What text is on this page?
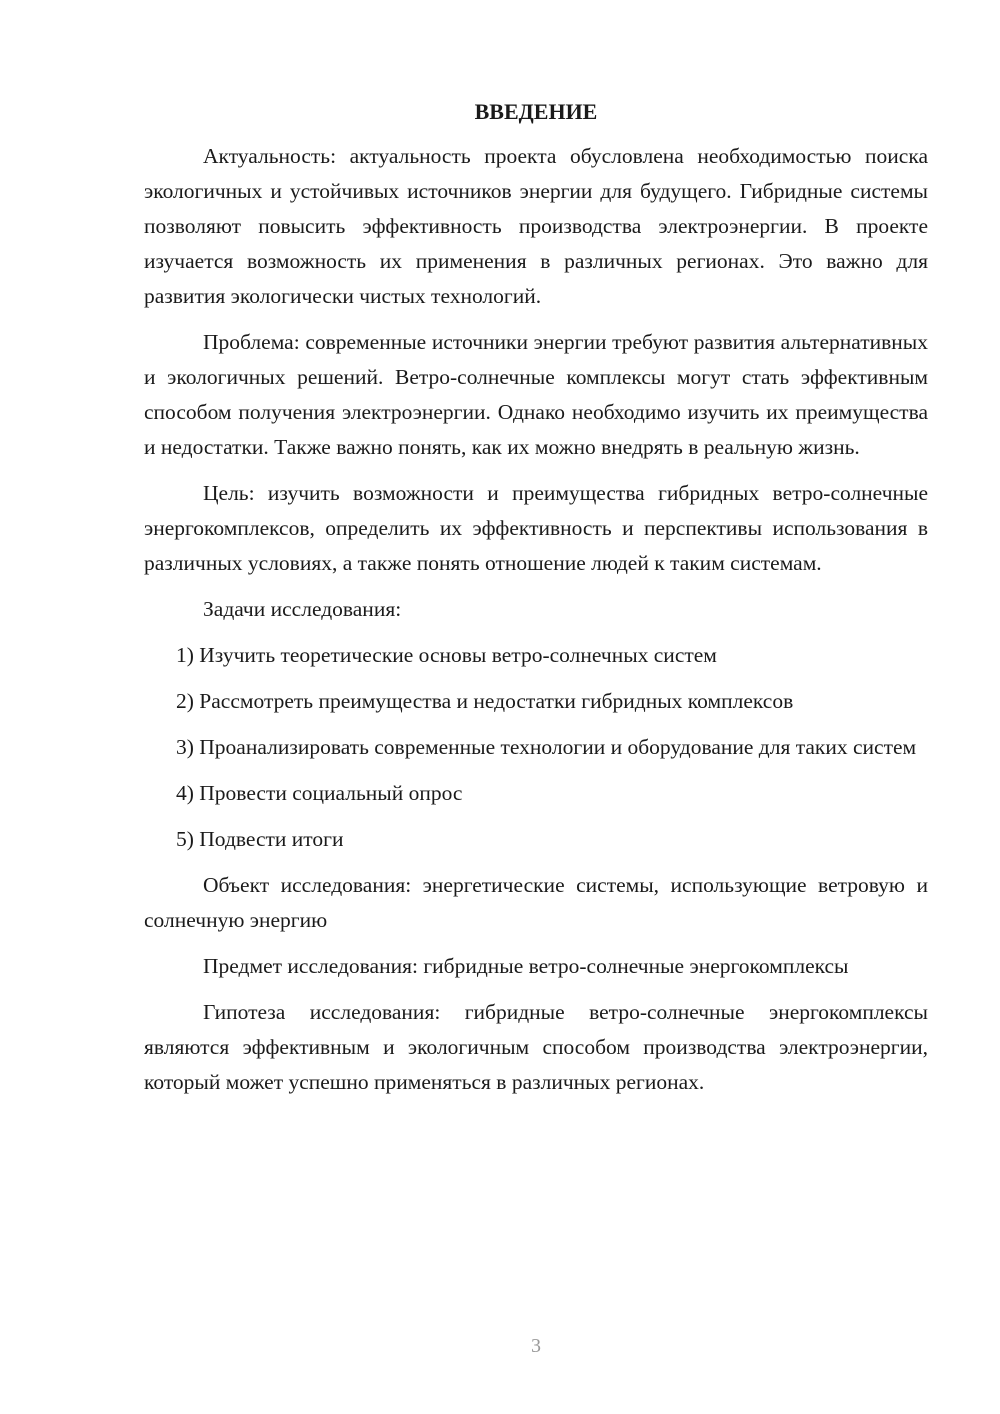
ВВЕДЕНИЕ

Актуальность: актуальность проекта обусловлена необходимостью поиска экологичных и устойчивых источников энергии для будущего. Гибридные системы позволяют повысить эффективность производства электроэнергии. В проекте изучается возможность их применения в различных регионах. Это важно для развития экологически чистых технологий.

Проблема: современные источники энергии требуют развития альтернативных и экологичных решений. Ветро-солнечные комплексы могут стать эффективным способом получения электроэнергии. Однако необходимо изучить их преимущества и недостатки. Также важно понять, как их можно внедрять в реальную жизнь.

Цель: изучить возможности и преимущества гибридных ветро-солнечные энергокомплексов, определить их эффективность и перспективы использования в различных условиях, а также понять отношение людей к таким системам.

Задачи исследования:

1) Изучить теоретические основы ветро-солнечных систем

2) Рассмотреть преимущества и недостатки гибридных комплексов

3) Проанализировать современные технологии и оборудование для таких систем

4) Провести социальный опрос

5) Подвести итоги

Объект исследования: энергетические системы, использующие ветровую и солнечную энергию

Предмет исследования: гибридные ветро-солнечные энергокомплексы

Гипотеза исследования: гибридные ветро-солнечные энергокомплексы являются эффективным и экологичным способом производства электроэнергии, который может успешно применяться в различных регионах.

3
